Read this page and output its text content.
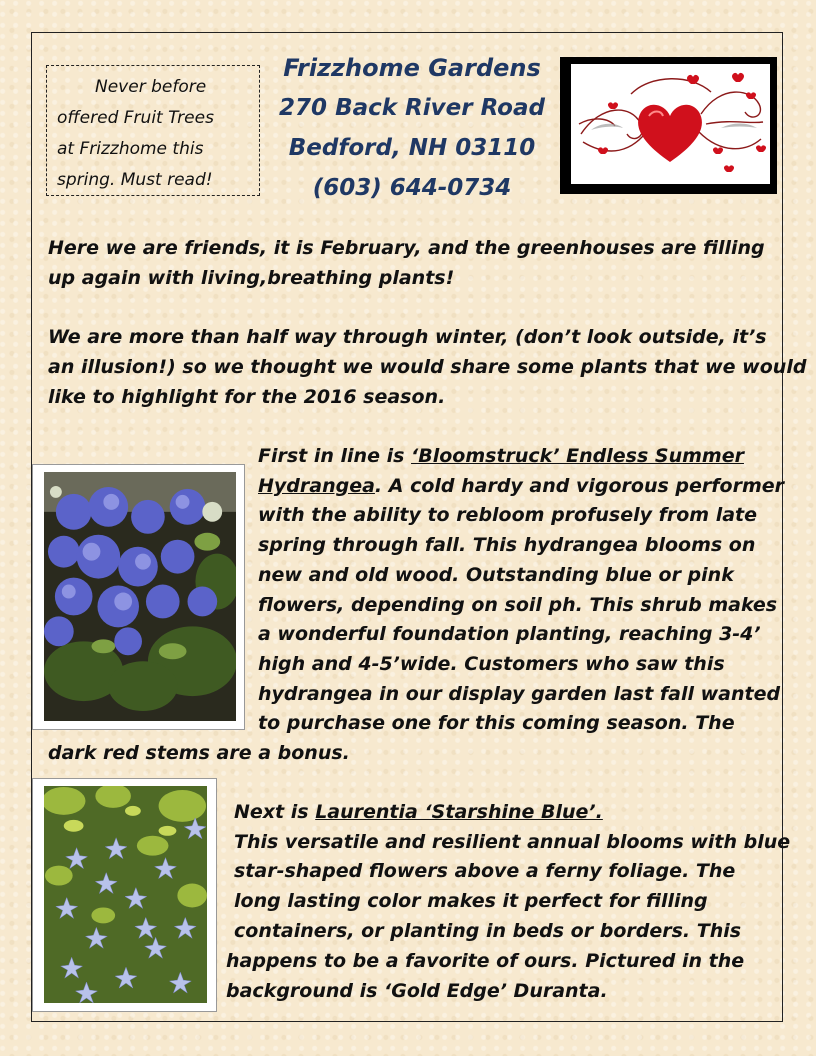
Never before
offered Fruit Trees
at Frizzhome this
spring. Must read!
Frizzhome Gardens
270 Back River Road
Bedford, NH 03110
(603) 644-0734
Here we are friends, it is February, and the greenhouses are filling
up again with living,breathing plants!
We are more than half way through winter, (don’t look outside, it’s
an illusion!) so we thought we would share some plants that we would
like to highlight for the 2016 season.
First in line is ‘Bloomstruck’ Endless Summer
Hydrangea. A cold hardy and vigorous performer
with the ability to rebloom profusely from late
spring through fall. This hydrangea blooms on
new and old wood. Outstanding blue or pink
flowers, depending on soil ph. This shrub makes
a wonderful foundation planting, reaching 3-4’
high and 4-5’wide. Customers who saw this
hydrangea in our display garden last fall wanted
to purchase one for this coming season. The
dark red stems are a bonus.
Next is Laurentia ‘Starshine Blue’.
This versatile and resilient annual blooms with blue
star-shaped flowers above a ferny foliage. The
long lasting color makes it perfect for filling
containers, or planting in beds or borders. This
happens to be a favorite of ours. Pictured in the
background is ‘Gold Edge’ Duranta.
